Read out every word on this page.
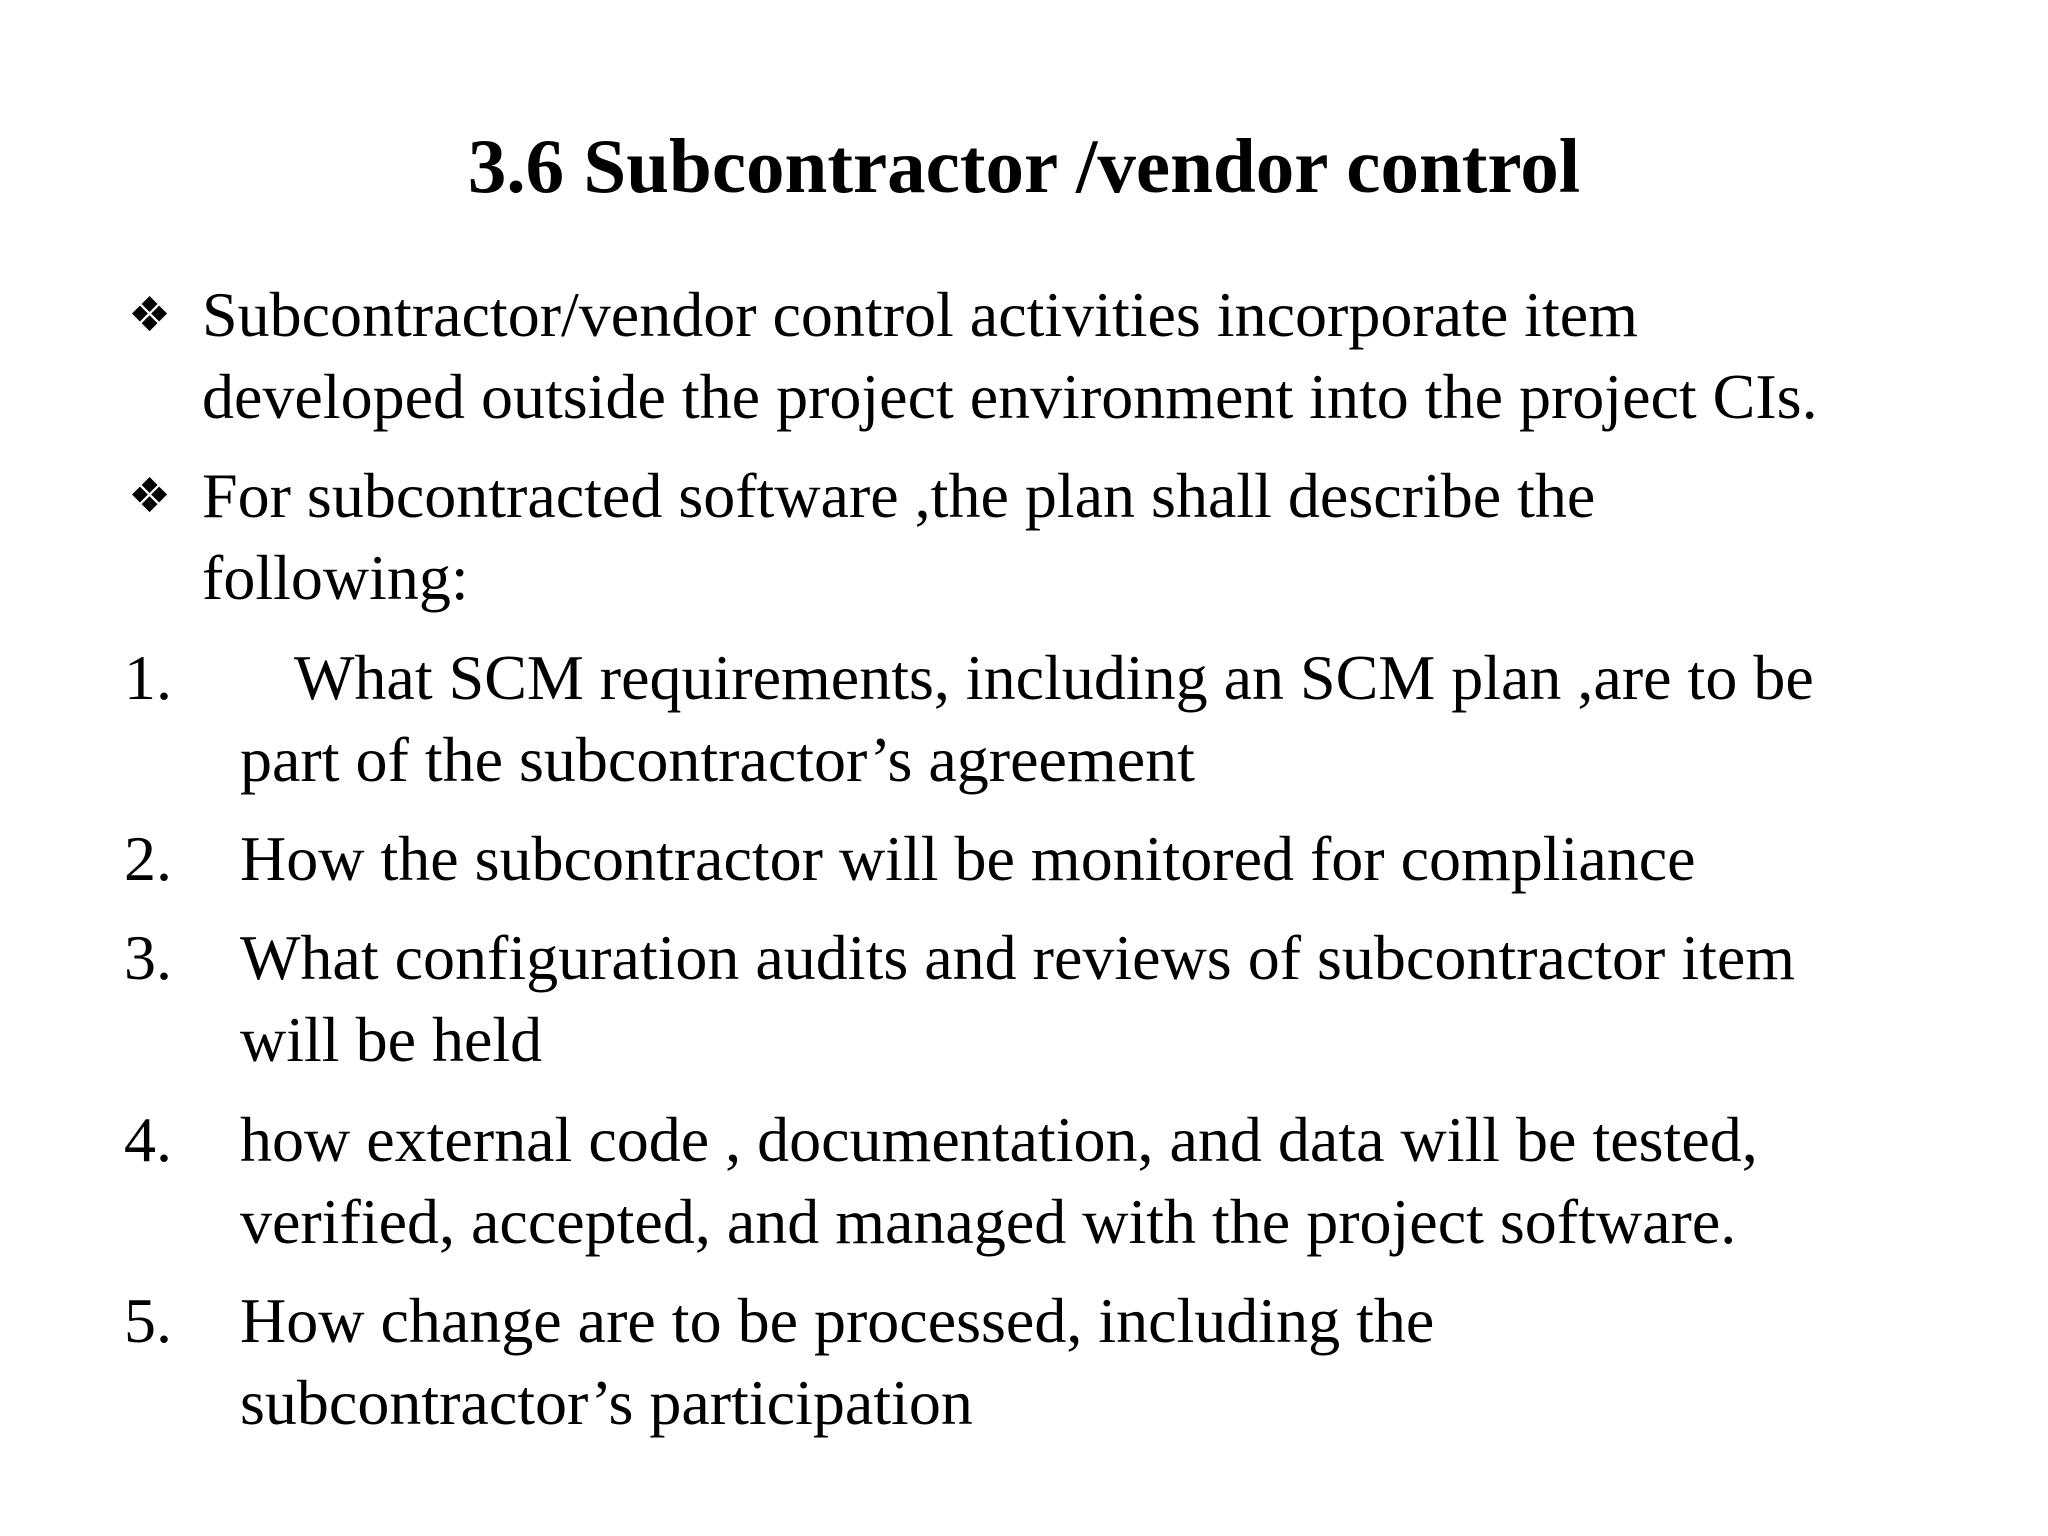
3.6 Subcontractor /vendor control
❖ Subcontractor/vendor control activities incorporate item
developed outside the project environment into the project CIs.
❖ For subcontracted software ,the plan shall describe the
following:
1.	What SCM requirements, including an SCM plan ,are to be
part of the subcontractor’s agreement
2. How the subcontractor will be monitored for compliance
3. What configuration audits and reviews of subcontractor item
will be held
4. how external code , documentation, and data will be tested,
verified, accepted, and managed with the project software.
5. How change are to be processed, including the
subcontractor’s participation
